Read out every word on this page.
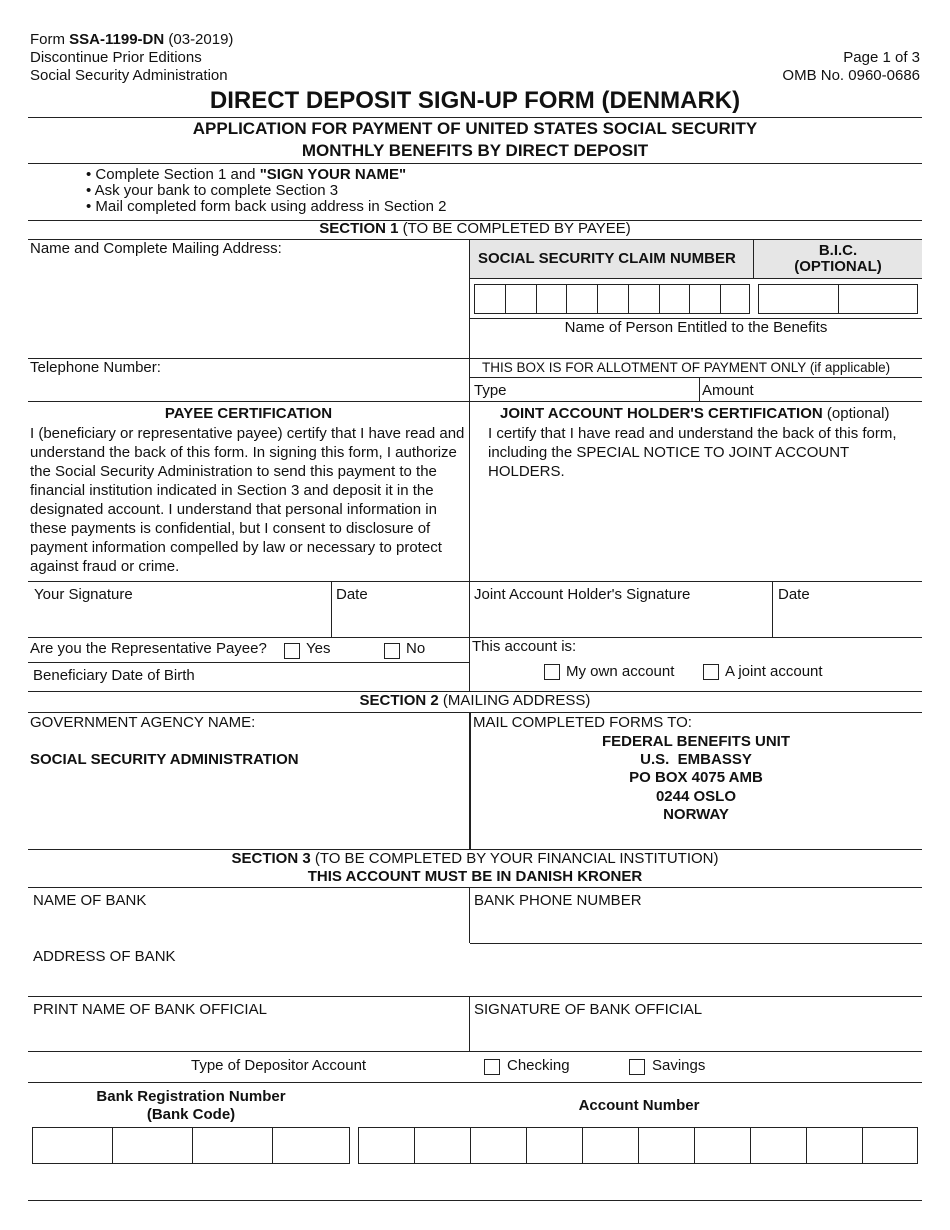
Form SSA-1199-DN (03-2019)
Discontinue Prior Editions
Social Security Administration
Page 1 of 3
OMB No. 0960-0686
DIRECT DEPOSIT SIGN-UP FORM (DENMARK)
APPLICATION FOR PAYMENT OF UNITED STATES SOCIAL SECURITY
MONTHLY BENEFITS BY DIRECT DEPOSIT
• Complete Section 1 and "SIGN YOUR NAME"
• Ask your bank to complete Section 3
• Mail completed form back using address in Section 2
SECTION 1 (TO BE COMPLETED BY PAYEE)
Name and Complete Mailing Address:
SOCIAL SECURITY CLAIM NUMBER	B.I.C.
(OPTIONAL)
Name of Person Entitled to the Benefits
Telephone Number:	THIS BOX IS FOR ALLOTMENT OF PAYMENT ONLY (if applicable)
Type	Amount
PAYEE CERTIFICATION
I (beneficiary or representative payee) certify that I have read and understand the back of this form. In signing this form, I authorize the Social Security Administration to send this payment to the financial institution indicated in Section 3 and deposit it in the designated account. I understand that personal information in these payments is confidential, but I consent to disclosure of payment information compelled by law or necessary to protect against fraud or crime.
JOINT ACCOUNT HOLDER'S CERTIFICATION (optional)
I certify that I have read and understand the back of this form, including the SPECIAL NOTICE TO JOINT ACCOUNT HOLDERS.
Your Signature	Date	Joint Account Holder's Signature	Date
Are you the Representative Payee?	Yes	No
Beneficiary Date of Birth
This account is:
My own account	A joint account
SECTION 2 (MAILING ADDRESS)
GOVERNMENT AGENCY NAME:
SOCIAL SECURITY ADMINISTRATION
MAIL COMPLETED FORMS TO:
FEDERAL BENEFITS UNIT
U.S.  EMBASSY
PO BOX 4075 AMB
0244 OSLO
NORWAY
SECTION 3 (TO BE COMPLETED BY YOUR FINANCIAL INSTITUTION)
THIS ACCOUNT MUST BE IN DANISH KRONER
NAME OF BANK	BANK PHONE NUMBER
ADDRESS OF BANK
PRINT NAME OF BANK OFFICIAL	SIGNATURE OF BANK OFFICIAL
Type of Depositor Account	Checking	Savings
Bank Registration Number
(Bank Code)
Account Number
